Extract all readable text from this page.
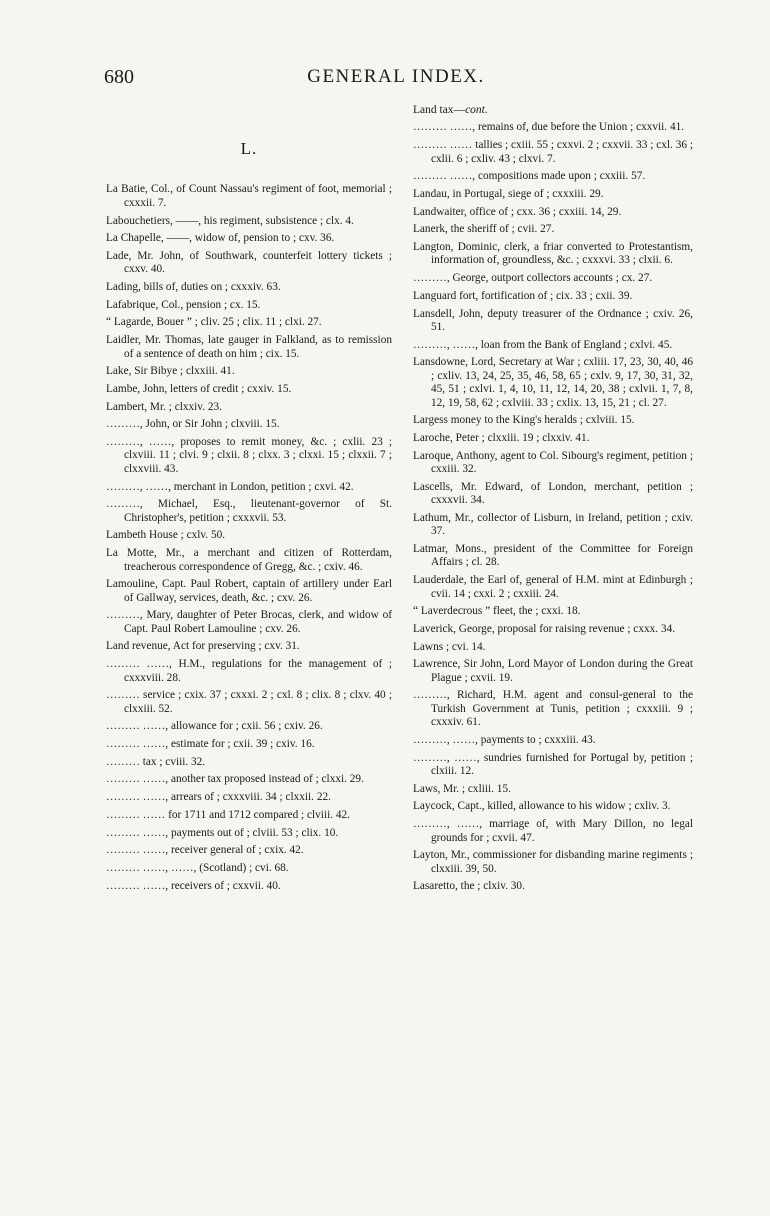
680	GENERAL INDEX.
L.
La Batie, Col., of Count Nassau's regiment of foot, memorial ; cxxxii. 7.
Labouchetiers, ——, his regiment, subsistence ; clx. 4.
La Chapelle, ——, widow of, pension to ; cxv. 36.
Lade, Mr. John, of Southwark, counterfeit lottery tickets ; cxxv. 40.
Lading, bills of, duties on ; cxxxiv. 63.
Lafabrique, Col., pension ; cx. 15.
“ Lagarde, Bouer ” ; cliv. 25 ; clix. 11 ; clxi. 27.
Laidler, Mr. Thomas, late gauger in Falkland, as to remission of a sentence of death on him ; cix. 15.
Lake, Sir Bibye ; clxxiii. 41.
Lambe, John, letters of credit ; cxxiv. 15.
Lambert, Mr. ; clxxiv. 23.
………, John, or Sir John ; clxviii. 15.
………, ……, proposes to remit money, &c. ; cxlii. 23 ; clxviii. 11 ; clvi. 9 ; clxii. 8 ; clxx. 3 ; clxxi. 15 ; clxxii. 7 ; clxxviii. 43.
………, ……, merchant in London, petition ; cxvi. 42.
………, Michael, Esq., lieutenant-governor of St. Christopher's, petition ; cxxxvii. 53.
Lambeth House ; cxlv. 50.
La Motte, Mr., a merchant and citizen of Rotterdam, treacherous correspondence of Gregg, &c. ; cxiv. 46.
Lamouline, Capt. Paul Robert, captain of artillery under Earl of Gallway, services, death, &c. ; cxv. 26.
………, Mary, daughter of Peter Brocas, clerk, and widow of Capt. Paul Robert Lamouline ; cxv. 26.
Land revenue, Act for preserving ; cxv. 31.
……… ……, H.M., regulations for the management of ; cxxxviii. 28.
……… service ; cxix. 37 ; cxxxi. 2 ; cxl. 8 ; clix. 8 ; clxv. 40 ; clxxiii. 52.
……… ……, allowance for ; cxii. 56 ; cxiv. 26.
……… ……, estimate for ; cxii. 39 ; cxiv. 16.
……… tax ; cviii. 32.
……… ……, another tax proposed instead of ; clxxi. 29.
……… ……, arrears of ; cxxxviii. 34 ; clxxii. 22.
……… …… for 1711 and 1712 compared ; clviii. 42.
……… ……, payments out of ; clviii. 53 ; clix. 10.
……… ……, receiver general of ; cxix. 42.
……… ……, ……, (Scotland) ; cvi. 68.
……… ……, receivers of ; cxxvii. 40.
Land tax—cont.
……… ……, remains of, due before the Union ; cxxvii. 41.
……… …… tallies ; cxiii. 55 ; cxxvi. 2 ; cxxvii. 33 ; cxl. 36 ; cxlii. 6 ; cxliv. 43 ; clxvi. 7.
……… ……, compositions made upon ; cxxiii. 57.
Landau, in Portugal, siege of ; cxxxiii. 29.
Landwaiter, office of ; cxx. 36 ; cxxiii. 14, 29.
Lanerk, the sheriff of ; cvii. 27.
Langton, Dominic, clerk, a friar converted to Protestantism, information of, groundless, &c. ; cxxxvi. 33 ; clxii. 6.
………, George, outport collectors accounts ; cx. 27.
Languard fort, fortification of ; cix. 33 ; cxii. 39.
Lansdell, John, deputy treasurer of the Ordnance ; cxiv. 26, 51.
………, ……, loan from the Bank of England ; cxlvi. 45.
Lansdowne, Lord, Secretary at War ; cxliii. 17, 23, 30, 40, 46 ; cxliv. 13, 24, 25, 35, 46, 58, 65 ; cxlv. 9, 17, 30, 31, 32, 45, 51 ; cxlvi. 1, 4, 10, 11, 12, 14, 20, 38 ; cxlvii. 1, 7, 8, 12, 19, 58, 62 ; cxlviii. 33 ; cxlix. 13, 15, 21 ; cl. 27.
Largess money to the King's heralds ; cxlviii. 15.
Laroche, Peter ; clxxiii. 19 ; clxxiv. 41.
Laroque, Anthony, agent to Col. Sibourg's regiment, petition ; cxxiii. 32.
Lascells, Mr. Edward, of London, merchant, petition ; cxxxvii. 34.
Lathum, Mr., collector of Lisburn, in Ireland, petition ; cxiv. 37.
Latmar, Mons., president of the Committee for Foreign Affairs ; cl. 28.
Lauderdale, the Earl of, general of H.M. mint at Edinburgh ; cvii. 14 ; cxxi. 2 ; cxxiii. 24.
“ Laverdecrous ” fleet, the ; cxxi. 18.
Laverick, George, proposal for raising revenue ; cxxx. 34.
Lawns ; cvi. 14.
Lawrence, Sir John, Lord Mayor of London during the Great Plague ; cxvii. 19.
………, Richard, H.M. agent and consul-general to the Turkish Government at Tunis, petition ; cxxxiii. 9 ; cxxxiv. 61.
………, ……, payments to ; cxxxiii. 43.
………, ……, sundries furnished for Portugal by, petition ; clxiii. 12.
Laws, Mr. ; cxliii. 15.
Laycock, Capt., killed, allowance to his widow ; cxliv. 3.
………, ……, marriage of, with Mary Dillon, no legal grounds for ; cxvii. 47.
Layton, Mr., commissioner for disbanding marine regiments ; clxxiii. 39, 50.
Lasaretto, the ; clxiv. 30.
